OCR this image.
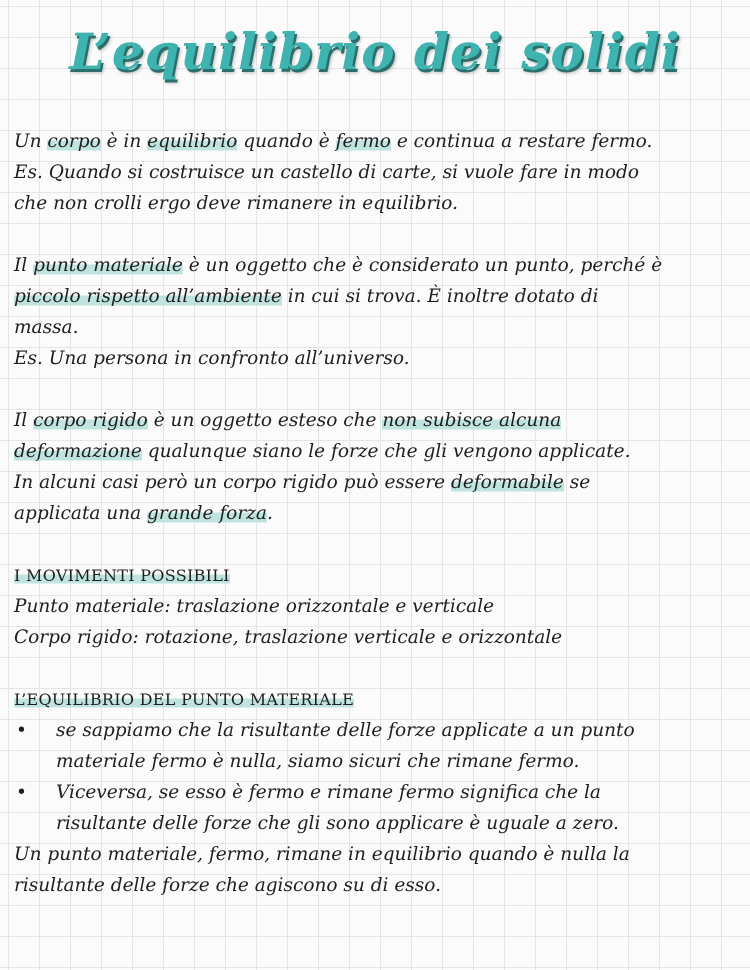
L’equilibrio dei solidi
Un corpo è in equilibrio quando è fermo e continua a restare fermo.
Es. Quando si costruisce un castello di carte, si vuole fare in modo
che non crolli ergo deve rimanere in equilibrio.
Il punto materiale è un oggetto che è considerato un punto, perché è
piccolo rispetto all’ambiente in cui si trova. È inoltre dotato di
massa.
Es. Una persona in confronto all’universo.
Il corpo rigido è un oggetto esteso che non subisce alcuna
deformazione qualunque siano le forze che gli vengono applicate.
In alcuni casi però un corpo rigido può essere deformabile se
applicata una grande forza.
I MOVIMENTI POSSIBILI
Punto materiale: traslazione orizzontale e verticale
Corpo rigido: rotazione, traslazione verticale e orizzontale
L’EQUILIBRIO DEL PUNTO MATERIALE
• se sappiamo che la risultante delle forze applicate a un punto
materiale fermo è nulla, siamo sicuri che rimane fermo.
• Viceversa, se esso è fermo e rimane fermo significa che la
risultante delle forze che gli sono applicare è uguale a zero.
Un punto materiale, fermo, rimane in equilibrio quando è nulla la
risultante delle forze che agiscono su di esso.
